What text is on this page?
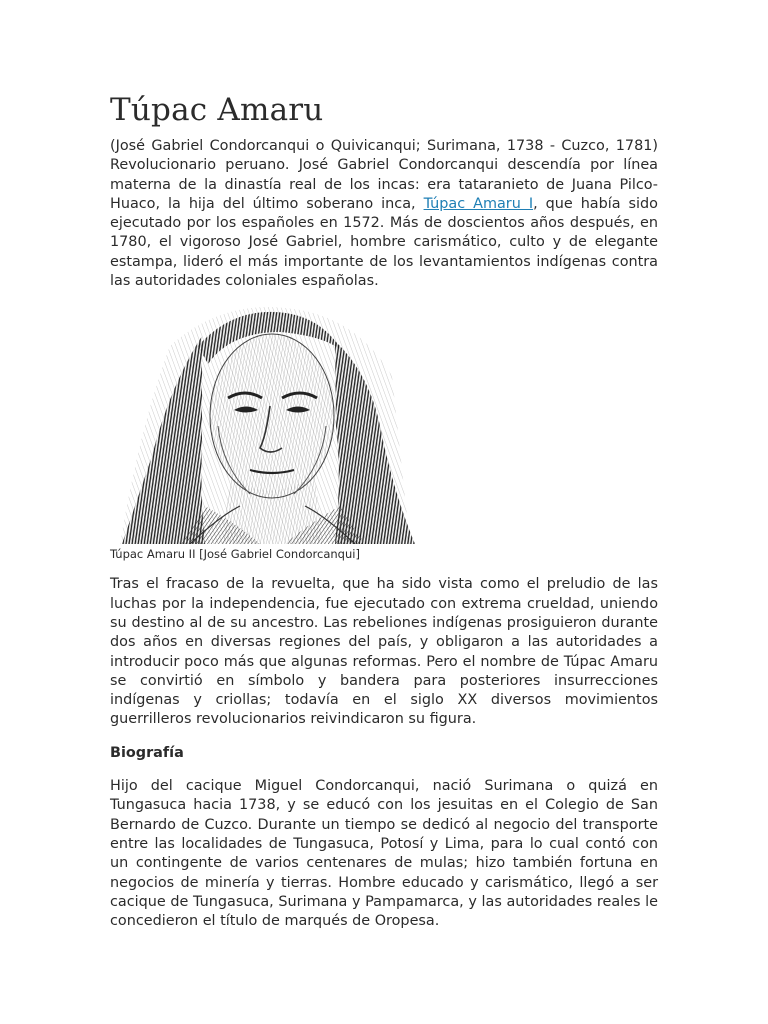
Túpac Amaru

(José Gabriel Condorcanqui o Quivicanqui; Surimana, 1738 - Cuzco, 1781) Revolucionario peruano. José Gabriel Condorcanqui descendía por línea materna de la dinastía real de los incas: era tataranieto de Juana Pilco-Huaco, la hija del último soberano inca, Túpac Amaru I, que había sido ejecutado por los españoles en 1572. Más de doscientos años después, en 1780, el vigoroso José Gabriel, hombre carismático, culto y de elegante estampa, lideró el más importante de los levantamientos indígenas contra las autoridades coloniales españolas.

Túpac Amaru II [José Gabriel Condorcanqui]

Tras el fracaso de la revuelta, que ha sido vista como el preludio de las luchas por la independencia, fue ejecutado con extrema crueldad, uniendo su destino al de su ancestro. Las rebeliones indígenas prosiguieron durante dos años en diversas regiones del país, y obligaron a las autoridades a introducir poco más que algunas reformas. Pero el nombre de Túpac Amaru se convirtió en símbolo y bandera para posteriores insurrecciones indígenas y criollas; todavía en el siglo XX diversos movimientos guerrilleros revolucionarios reivindicaron su figura.

Biografía

Hijo del cacique Miguel Condorcanqui, nació Surimana o quizá en Tungasuca hacia 1738, y se educó con los jesuitas en el Colegio de San Bernardo de Cuzco. Durante un tiempo se dedicó al negocio del transporte entre las localidades de Tungasuca, Potosí y Lima, para lo cual contó con un contingente de varios centenares de mulas; hizo también fortuna en negocios de minería y tierras. Hombre educado y carismático, llegó a ser cacique de Tungasuca, Surimana y Pampamarca, y las autoridades reales le concedieron el título de marqués de Oropesa.
